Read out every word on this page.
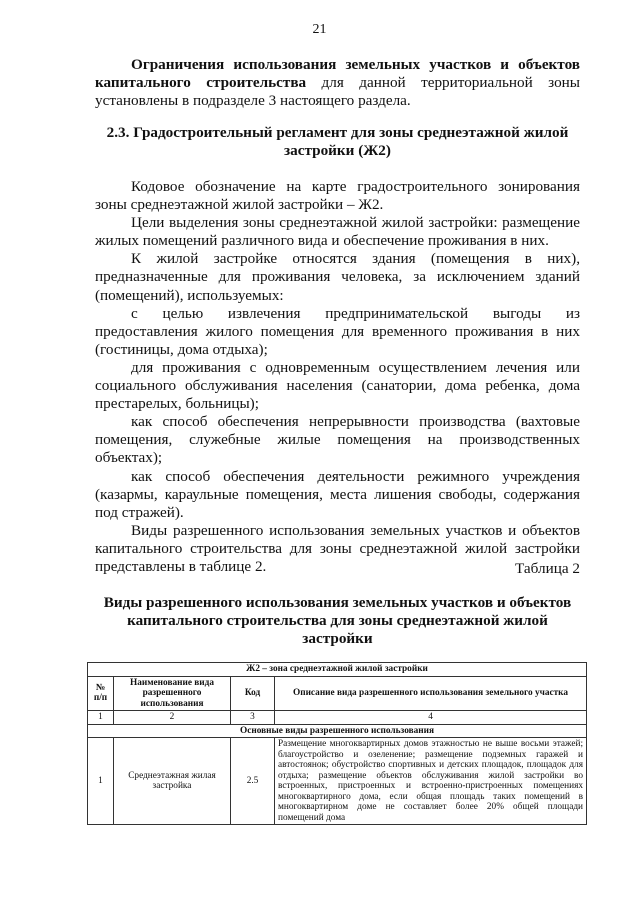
21

Ограничения использования земельных участков и объектов капитального строительства для данной территориальной зоны установлены в подразделе 3 настоящего раздела.

2.3. Градостроительный регламент для зоны среднеэтажной жилой застройки (Ж2)

Кодовое обозначение на карте градостроительного зонирования зоны среднеэтажной жилой застройки – Ж2.

Цели выделения зоны среднеэтажной жилой застройки: размещение жилых помещений различного вида и обеспечение проживания в них.

К жилой застройке относятся здания (помещения в них), предназначенные для проживания человека, за исключением зданий (помещений), используемых:

с целью извлечения предпринимательской выгоды из предоставления жилого помещения для временного проживания в них (гостиницы, дома отдыха);

для проживания с одновременным осуществлением лечения или социального обслуживания населения (санатории, дома ребенка, дома престарелых, больницы);

как способ обеспечения непрерывности производства (вахтовые помещения, служебные жилые помещения на производственных объектах);

как способ обеспечения деятельности режимного учреждения (казармы, караульные помещения, места лишения свободы, содержания под стражей).

Виды разрешенного использования земельных участков и объектов капитального строительства для зоны среднеэтажной жилой застройки представлены в таблице 2.	Таблица 2
Виды разрешенного использования земельных участков и объектов капитального строительства для зоны среднеэтажной жилой застройки
Ж2 – зона среднеэтажной жилой застройки			
№ п/п	Наименование вида разрешенного использования	Код	Описание вида разрешенного использования земельного участка
1	2	3	4
Основные виды разрешенного использования			
1	Среднеэтажная жилая застройка	2.5	Размещение многоквартирных домов этажностью не выше восьми этажей; благоустройство и озеленение; размещение подземных гаражей и автостоянок; обустройство спортивных и детских площадок, площадок для отдыха; размещение объектов обслуживания жилой застройки во встроенных, пристроенных и встроенно-пристроенных помещениях многоквартирного дома, если общая площадь таких помещений в многоквартирном доме не составляет более 20% общей площади помещений дома
